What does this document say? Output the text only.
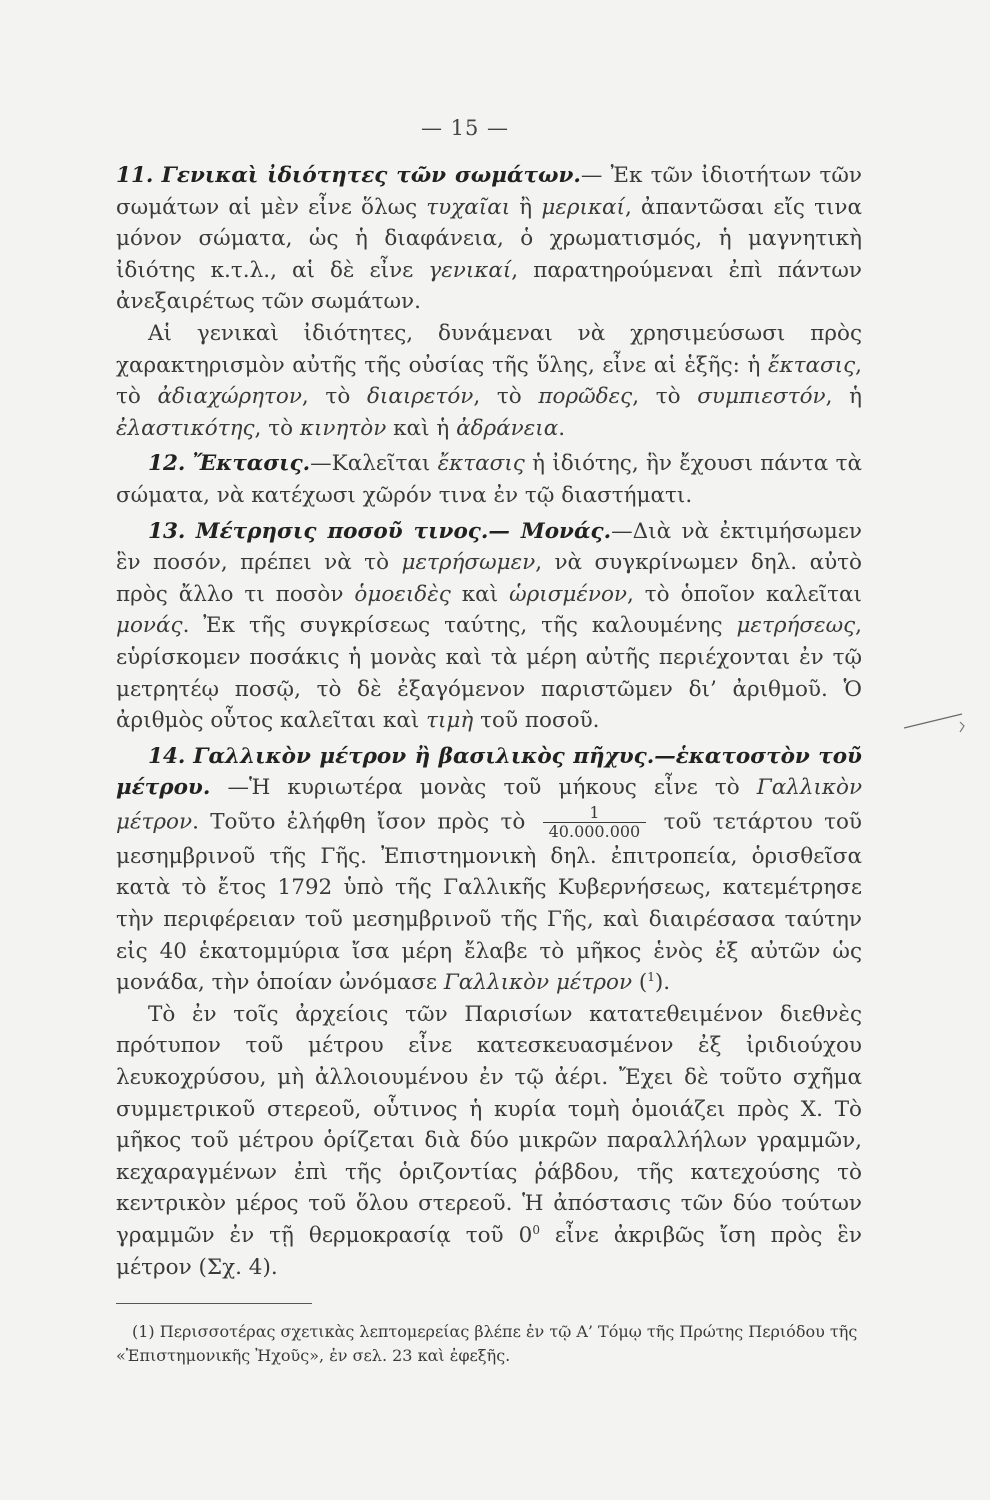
— 15 —

11. Γενικαὶ ἰδιότητες τῶν σωμάτων.— Ἐκ τῶν ἰδιοτήτων τῶν σωμάτων αἱ μὲν εἶνε ὅλως τυχαῖαι ἢ μερικαί, ἀπαντῶσαι εἴς τινα μόνον σώματα, ὡς ἡ διαφάνεια, ὁ χρωματισμός, ἡ μαγνητικὴ ἰδιότης κ.τ.λ., αἱ δὲ εἶνε γενικαί, παρατηρούμεναι ἐπὶ πάντων ἀνεξαιρέτως τῶν σωμάτων.

Αἱ γενικαὶ ἰδιότητες, δυνάμεναι νὰ χρησιμεύσωσι πρὸς χαρακτηρισμὸν αὐτῆς τῆς οὐσίας τῆς ὕλης, εἶνε αἱ ἑξῆς: ἡ ἔκτασις, τὸ ἀδιαχώρητον, τὸ διαιρετόν, τὸ πορῶδες, τὸ συμπιεστόν, ἡ ἐλαστικότης, τὸ κινητὸν καὶ ἡ ἀδράνεια.

12. Ἔκτασις.—Καλεῖται ἔκτασις ἡ ἰδιότης, ἣν ἔχουσι πάντα τὰ σώματα, νὰ κατέχωσι χῶρόν τινα ἐν τῷ διαστήματι.

13. Μέτρησις ποσοῦ τινος.— Μονάς.—Διὰ νὰ ἐκτιμήσωμεν ἓν ποσόν, πρέπει νὰ τὸ μετρήσωμεν, νὰ συγκρίνωμεν δηλ. αὐτὸ πρὸς ἄλλο τι ποσὸν ὁμοειδὲς καὶ ὡρισμένον, τὸ ὁποῖον καλεῖται μονάς. Ἐκ τῆς συγκρίσεως ταύτης, τῆς καλουμένης μετρήσεως, εὑρίσκομεν ποσάκις ἡ μονὰς καὶ τὰ μέρη αὐτῆς περιέχονται ἐν τῷ μετρητέῳ ποσῷ, τὸ δὲ ἐξαγόμενον παριστῶμεν δι’ ἀριθμοῦ. Ὁ ἀριθμὸς οὗτος καλεῖται καὶ τιμὴ τοῦ ποσοῦ.

14. Γαλλικὸν μέτρον ἢ βασιλικὸς πῆχυς.—ἑκατοστὸν τοῦ μέτρου. —Ἡ κυριωτέρα μονὰς τοῦ μήκους εἶνε τὸ Γαλλικὸν μέτρον. Τοῦτο ἐλήφθη ἴσον πρὸς τὸ $\frac{1}{40.000.000}$ τοῦ τετάρτου τοῦ μεσημβρινοῦ τῆς Γῆς. Ἐπιστημονικὴ δηλ. ἐπιτροπεία, ὁρισθεῖσα κατὰ τὸ ἔτος 1792 ὑπὸ τῆς Γαλλικῆς Κυβερνήσεως, κατεμέτρησε τὴν περιφέρειαν τοῦ μεσημβρινοῦ τῆς Γῆς, καὶ διαιρέσασα ταύτην εἰς 40 ἑκατομμύρια ἴσα μέρη ἔλαβε τὸ μῆκος ἑνὸς ἐξ αὐτῶν ὡς μονάδα, τὴν ὁποίαν ὠνόμασε Γαλλικὸν μέτρον ($^1$).

Τὸ ἐν τοῖς ἀρχείοις τῶν Παρισίων κατατεθειμένον διεθνὲς πρότυπον τοῦ μέτρου εἶνε κατεσκευασμένον ἐξ ἰριδιούχου λευκοχρύσου, μὴ ἀλλοιουμένου ἐν τῷ ἀέρι. Ἔχει δὲ τοῦτο σχῆμα συμμετρικοῦ στερεοῦ, οὗτινος ἡ κυρία τομὴ ὁμοιάζει πρὸς X. Τὸ μῆκος τοῦ μέτρου ὁρίζεται διὰ δύο μικρῶν παραλλήλων γραμμῶν, κεχαραγμένων ἐπὶ τῆς ὁριζοντίας ῥάβδου, τῆς κατεχούσης τὸ κεντρικὸν μέρος τοῦ ὅλου στερεοῦ. Ἡ ἀπόστασις τῶν δύο τούτων γραμμῶν ἐν τῇ θερμοκρασίᾳ τοῦ $0^0$ εἶνε ἀκριβῶς ἴση πρὸς ἓν μέτρον (Σχ. 4).

(1) Περισσοτέρας σχετικὰς λεπτομερείας βλέπε ἐν τῷ Α’ Τόμῳ τῆς Πρώτης Περιόδου τῆς «Ἐπιστημονικῆς Ἠχοῦς», ἐν σελ. 23 καὶ ἐφεξῆς.
